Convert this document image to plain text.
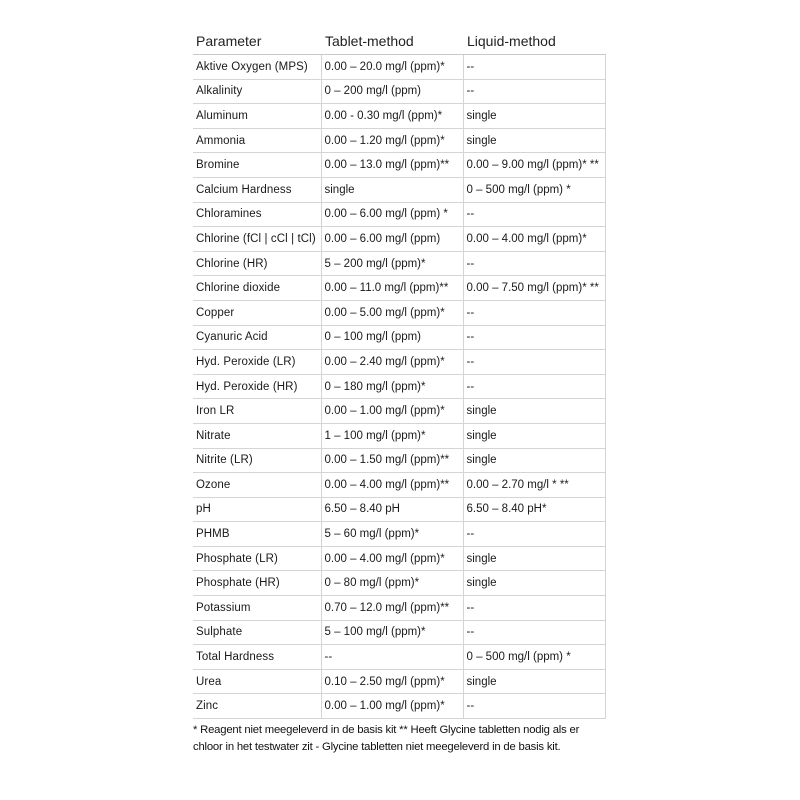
Parameter	Tablet-method	Liquid-method
Aktive Oxygen (MPS)	0.00 – 20.0 mg/l (ppm)*	--
Alkalinity	0 – 200 mg/l (ppm)	--
Aluminum	0.00 - 0.30 mg/l (ppm)*	single
Ammonia	0.00 – 1.20 mg/l (ppm)*	single
Bromine	0.00 – 13.0 mg/l (ppm)**	0.00 – 9.00 mg/l (ppm)* **
Calcium Hardness	single	0 – 500 mg/l (ppm) *
Chloramines	0.00 – 6.00 mg/l (ppm) *	--
Chlorine (fCl | cCl | tCl)	0.00 – 6.00 mg/l (ppm)	0.00 – 4.00 mg/l (ppm)*
Chlorine (HR)	5 – 200 mg/l (ppm)*	--
Chlorine dioxide	0.00 – 11.0 mg/l (ppm)**	0.00 – 7.50 mg/l (ppm)* **
Copper	0.00 – 5.00 mg/l (ppm)*	--
Cyanuric Acid	0 – 100 mg/l (ppm)	--
Hyd. Peroxide (LR)	0.00 – 2.40 mg/l (ppm)*	--
Hyd. Peroxide (HR)	0 – 180 mg/l (ppm)*	--
Iron LR	0.00 – 1.00 mg/l (ppm)*	single
Nitrate	1 – 100 mg/l (ppm)*	single
Nitrite (LR)	0.00 – 1.50 mg/l (ppm)**	single
Ozone	0.00 – 4.00 mg/l (ppm)**	0.00 – 2.70 mg/l * **
pH	6.50 – 8.40 pH	6.50 – 8.40 pH*
PHMB	5 – 60 mg/l (ppm)*	--
Phosphate (LR)	0.00 – 4.00 mg/l (ppm)*	single
Phosphate (HR)	0 – 80 mg/l (ppm)*	single
Potassium	0.70 – 12.0 mg/l (ppm)**	--
Sulphate	5 – 100 mg/l (ppm)*	--
Total Hardness	--	0 – 500 mg/l (ppm) *
Urea	0.10 – 2.50 mg/l (ppm)*	single
Zinc	0.00 – 1.00 mg/l (ppm)*	--
* Reagent niet meegeleverd in de basis kit ** Heeft Glycine tabletten nodig als er chloor in het testwater zit - Glycine tabletten niet meegeleverd in de basis kit.
